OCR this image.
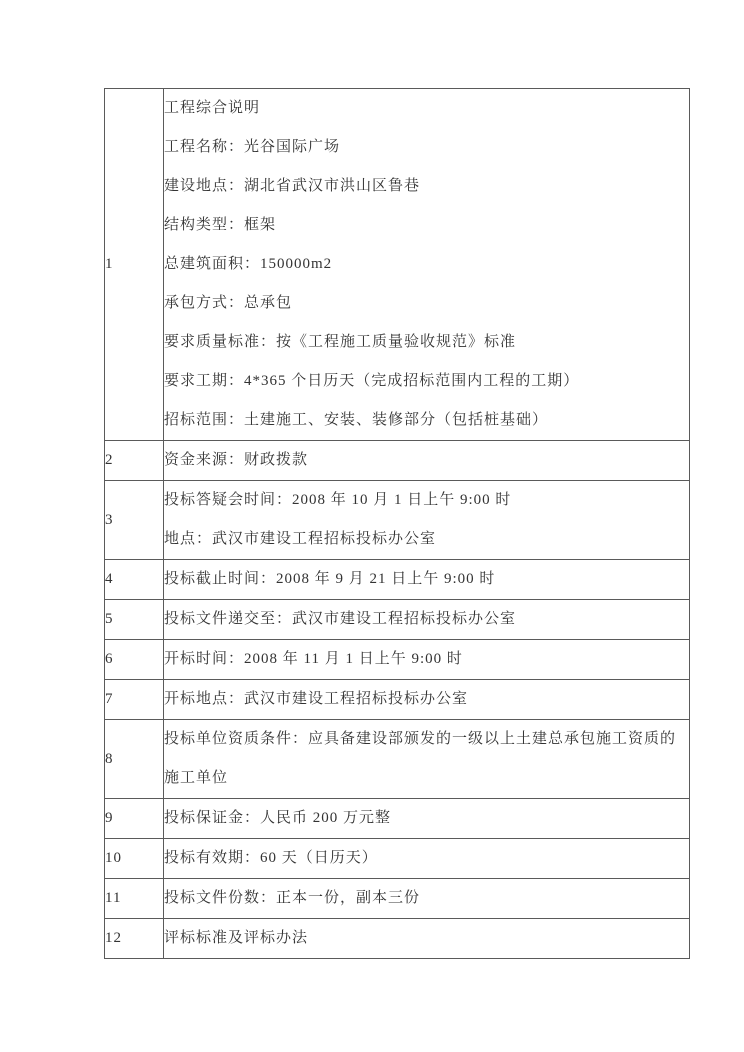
1	
工程综合说明
工程名称：光谷国际广场
建设地点：湖北省武汉市洪山区鲁巷
结构类型：框架
总建筑面积：150000m2
承包方式：总承包
要求质量标准：按《工程施工质量验收规范》标准
要求工期：4*365 个日历天（完成招标范围内工程的工期）
招标范围：土建施工、安装、装修部分（包括桩基础）

2	资金来源：财政拨款

3	投标答疑会时间：2008 年 10 月 1 日上午 9:00 时
地点：武汉市建设工程招标投标办公室

4	投标截止时间：2008 年 9 月 21 日上午 9:00 时

5	投标文件递交至：武汉市建设工程招标投标办公室

6	开标时间：2008 年 11 月 1 日上午 9:00 时

7	开标地点：武汉市建设工程招标投标办公室

8	投标单位资质条件：应具备建设部颁发的一级以上土建总承包施工资质的施工单位

9	投标保证金：人民币 200 万元整

10	投标有效期：60 天（日历天）

11	投标文件份数：正本一份，副本三份

12	评标标准及评标办法
